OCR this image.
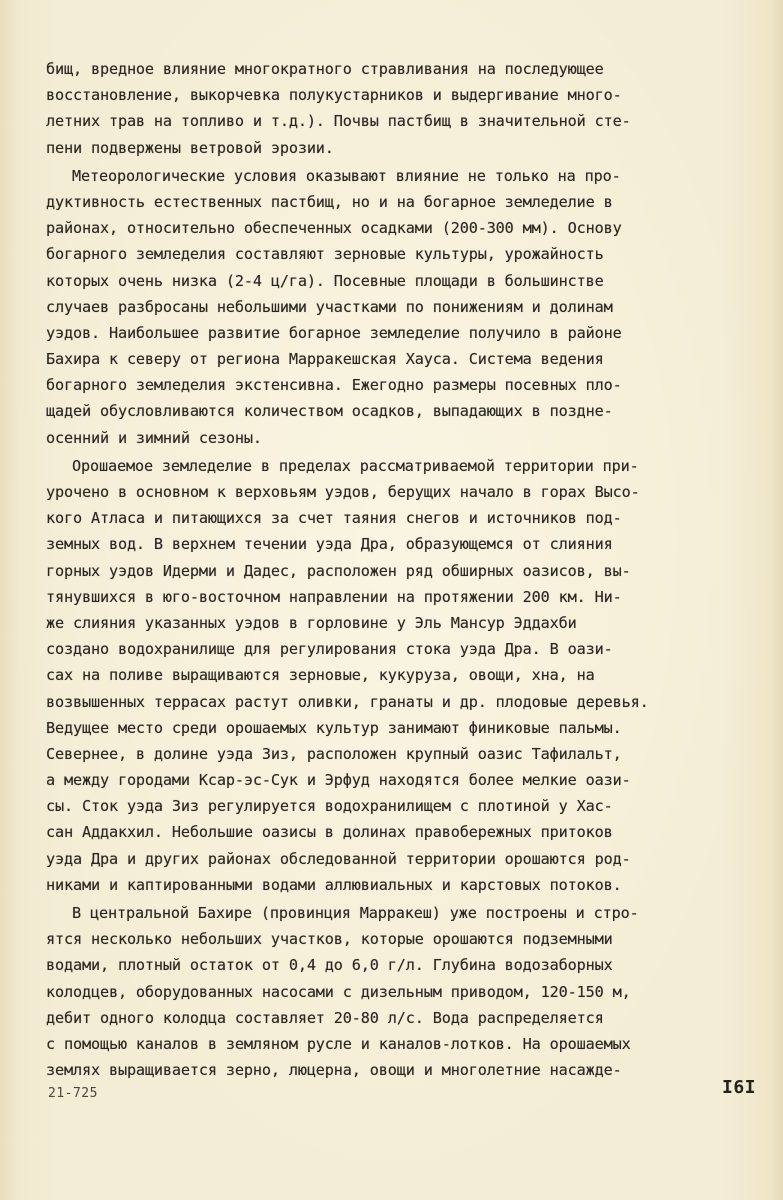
бищ, вредное влияние многократного стравливания на последующее
восстановление, выкорчевка полукустарников и выдергивание много-
летних трав на топливо и т.д.). Почвы пастбищ в значительной сте-
пени подвержены ветровой эрозии.
Метеорологические условия оказывают влияние не только на про-
дуктивность естественных пастбищ, но и на богарное земледелие в
районах, относительно обеспеченных осадками (200-300 мм). Основу
богарного земледелия составляют зерновые культуры, урожайность
которых очень низка (2-4 ц/га). Посевные площади в большинстве
случаев разбросаны небольшими участками по понижениям и долинам
уэдов. Наибольшее развитие богарное земледелие получило в районе
Бахира к северу от региона Марракешская Хауса. Система ведения
богарного земледелия экстенсивна. Ежегодно размеры посевных пло-
щадей обусловливаются количеством осадков, выпадающих в поздне-
осенний и зимний сезоны.
Орошаемое земледелие в пределах рассматриваемой территории при-
урочено в основном к верховьям уэдов, берущих начало в горах Высо-
кого Атласа и питающихся за счет таяния снегов и источников под-
земных вод. В верхнем течении уэда Дра, образующемся от слияния
горных уэдов Идерми и Дадес, расположен ряд обширных оазисов, вы-
тянувшихся в юго-восточном направлении на протяжении 200 км. Ни-
же слияния указанных уэдов в горловине у Эль Мансур Эддахби
создано водохранилище для регулирования стока уэда Дра. В оази-
сах на поливе выращиваются зерновые, кукуруза, овощи, хна, на
возвышенных террасах растут оливки, гранаты и др. плодовые деревья.
Ведущее место среди орошаемых культур занимают финиковые пальмы.
Севернее, в долине уэда Зиз, расположен крупный оазис Тафилальт,
а между городами Ксар-эс-Сук и Эрфуд находятся более мелкие оази-
сы. Сток уэда Зиз регулируется водохранилищем с плотиной у Хас-
сан Аддакхил. Небольшие оазисы в долинах правобережных притоков
уэда Дра и других районах обследованной территории орошаются род-
никами и каптированными водами аллювиальных и карстовых потоков.
В центральной Бахире (провинция Марракеш) уже построены и стро-
ятся несколько небольших участков, которые орошаются подземными
водами, плотный остаток от 0,4 до 6,0 г/л. Глубина водозаборных
колодцев, оборудованных насосами с дизельным приводом, 120-150 м,
дебит одного колодца составляет 20-80 л/с. Вода распределяется
с помощью каналов в земляном русле и каналов-лотков. На орошаемых
землях выращивается зерно, люцерна, овощи и многолетние насажде-
21-725	I6I
